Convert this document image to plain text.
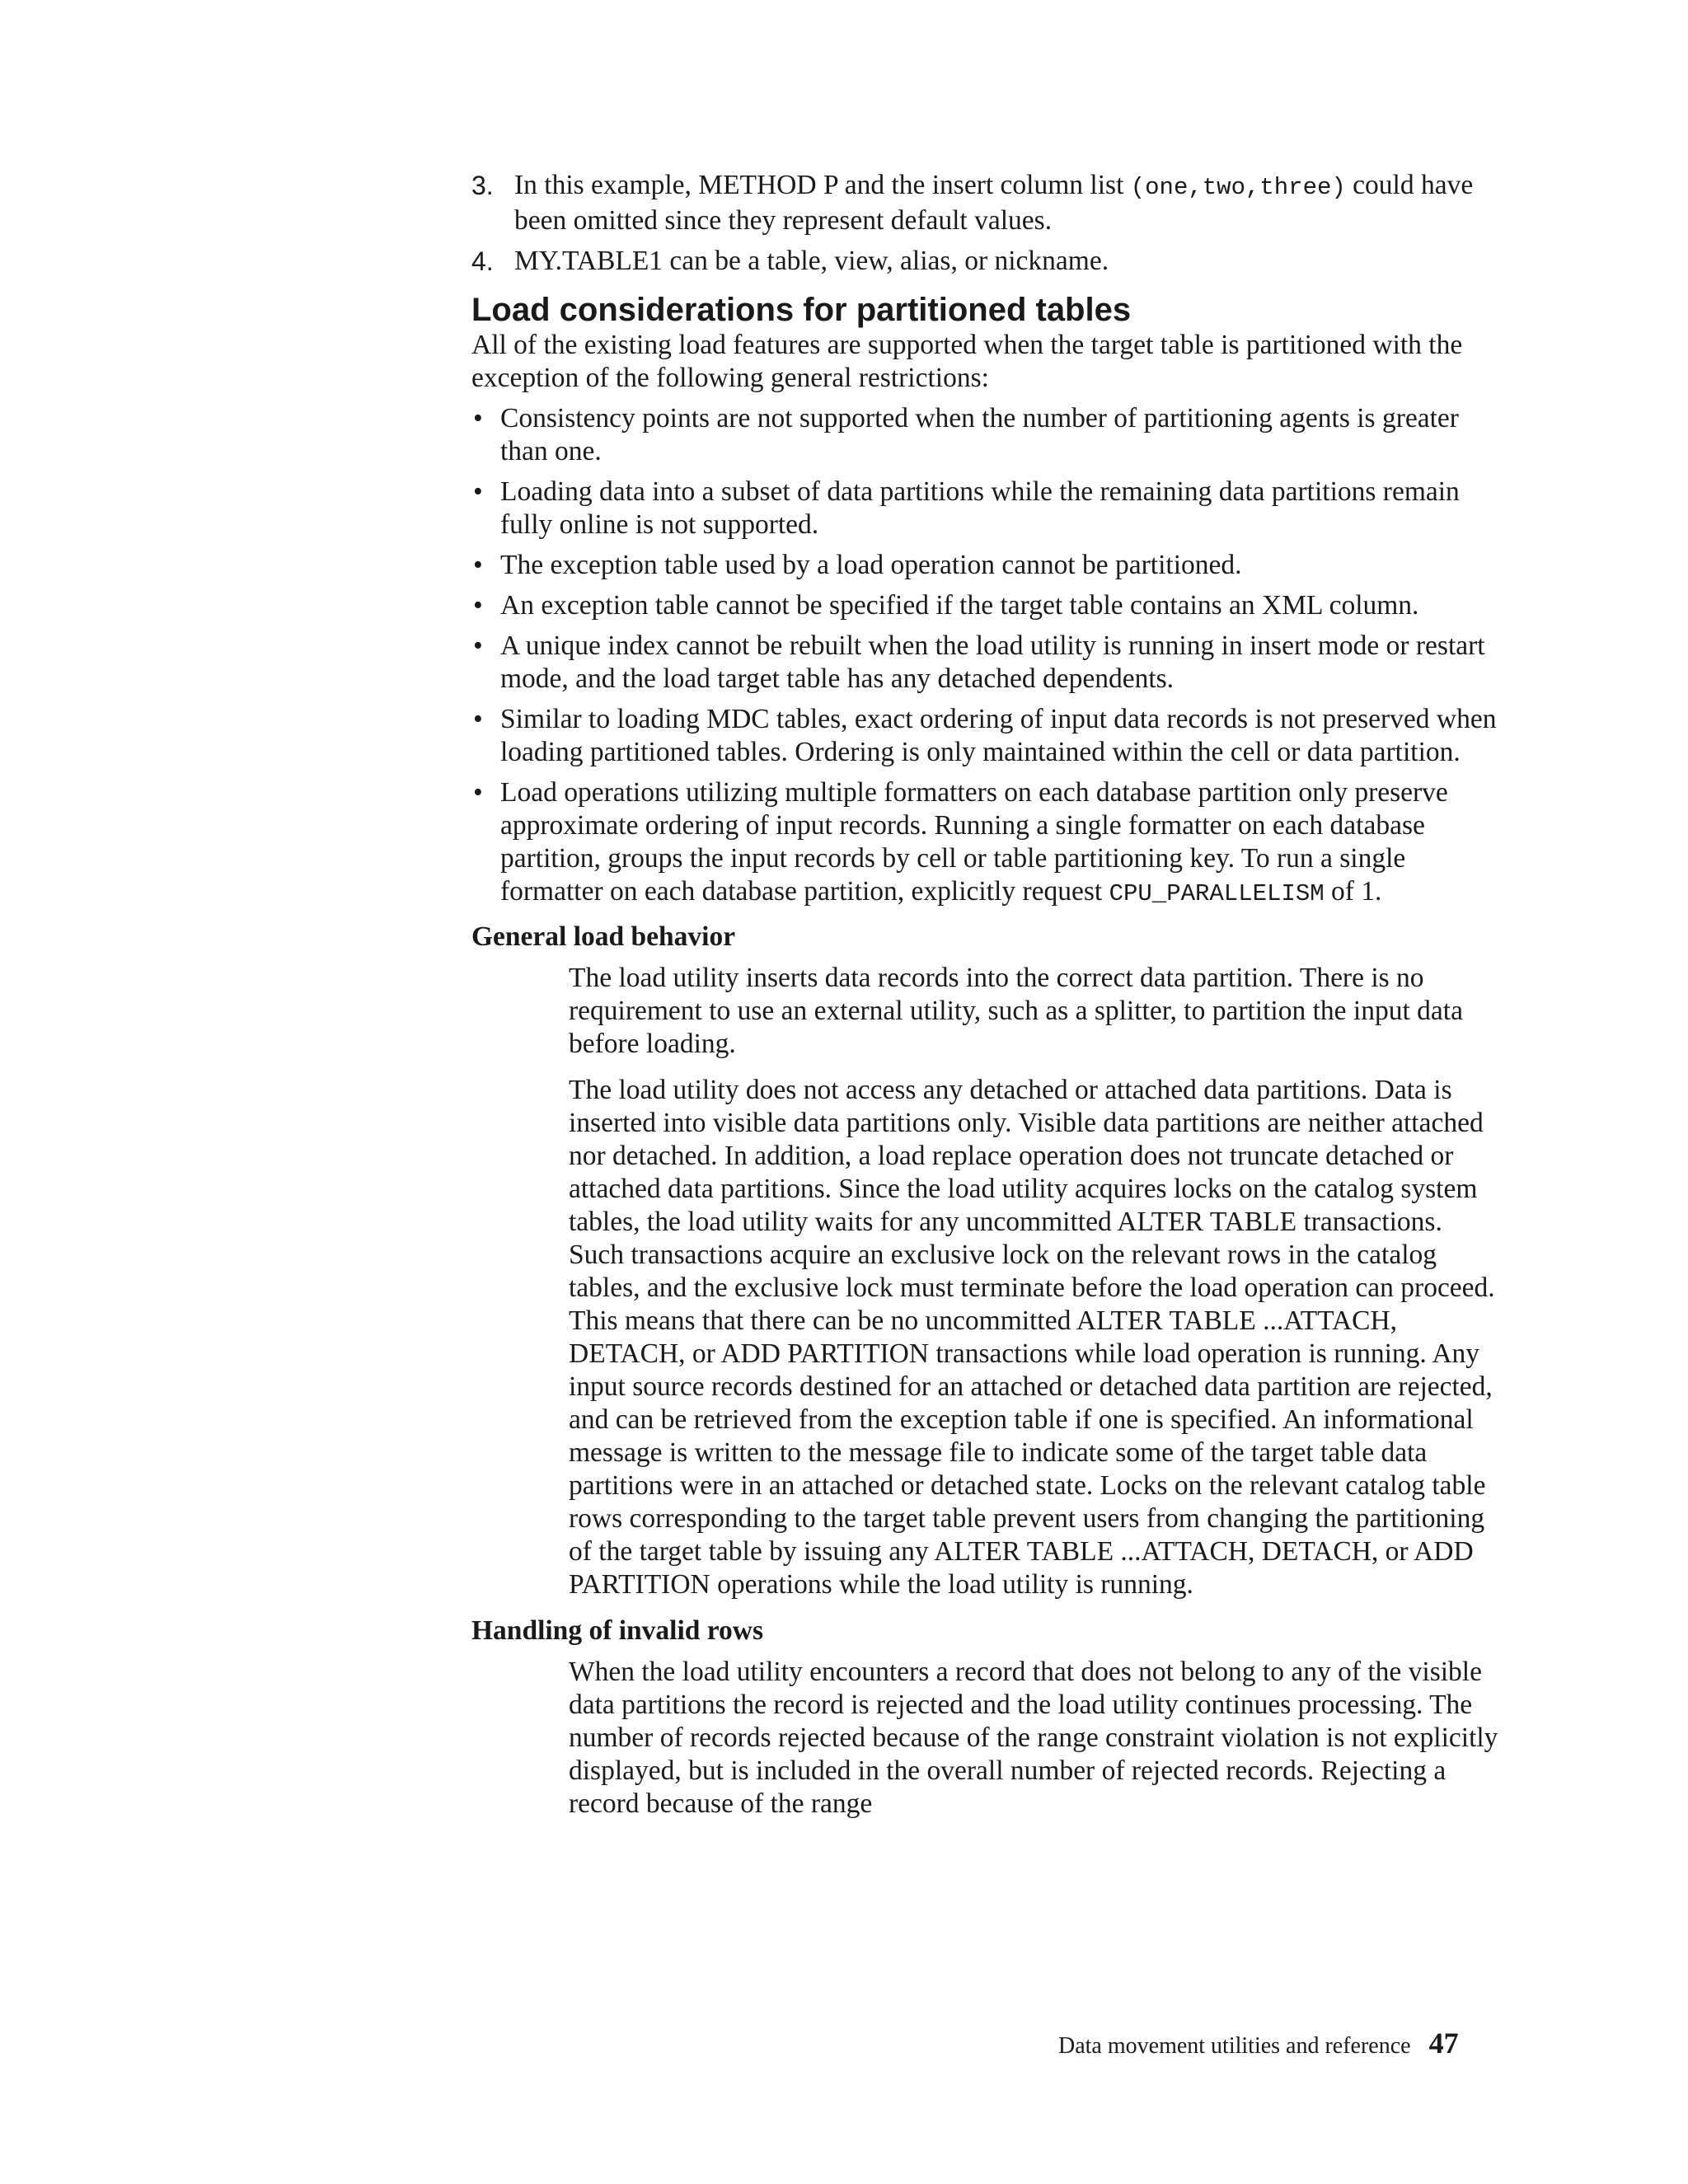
3. In this example, METHOD P and the insert column list (one,two,three) could have been omitted since they represent default values.
4. MY.TABLE1 can be a table, view, alias, or nickname.
Load considerations for partitioned tables

All of the existing load features are supported when the target table is partitioned with the exception of the following general restrictions:

• Consistency points are not supported when the number of partitioning agents is greater than one.
• Loading data into a subset of data partitions while the remaining data partitions remain fully online is not supported.
• The exception table used by a load operation cannot be partitioned.
• An exception table cannot be specified if the target table contains an XML column.
• A unique index cannot be rebuilt when the load utility is running in insert mode or restart mode, and the load target table has any detached dependents.
• Similar to loading MDC tables, exact ordering of input data records is not preserved when loading partitioned tables. Ordering is only maintained within the cell or data partition.
• Load operations utilizing multiple formatters on each database partition only preserve approximate ordering of input records. Running a single formatter on each database partition, groups the input records by cell or table partitioning key. To run a single formatter on each database partition, explicitly request CPU_PARALLELISM of 1.
General load behavior

The load utility inserts data records into the correct data partition. There is no requirement to use an external utility, such as a splitter, to partition the input data before loading.

The load utility does not access any detached or attached data partitions. Data is inserted into visible data partitions only. Visible data partitions are neither attached nor detached. In addition, a load replace operation does not truncate detached or attached data partitions. Since the load utility acquires locks on the catalog system tables, the load utility waits for any uncommitted ALTER TABLE transactions. Such transactions acquire an exclusive lock on the relevant rows in the catalog tables, and the exclusive lock must terminate before the load operation can proceed. This means that there can be no uncommitted ALTER TABLE ...ATTACH, DETACH, or ADD PARTITION transactions while load operation is running. Any input source records destined for an attached or detached data partition are rejected, and can be retrieved from the exception table if one is specified. An informational message is written to the message file to indicate some of the target table data partitions were in an attached or detached state. Locks on the relevant catalog table rows corresponding to the target table prevent users from changing the partitioning of the target table by issuing any ALTER TABLE ...ATTACH, DETACH, or ADD PARTITION operations while the load utility is running.

Handling of invalid rows

When the load utility encounters a record that does not belong to any of the visible data partitions the record is rejected and the load utility continues processing. The number of records rejected because of the range constraint violation is not explicitly displayed, but is included in the overall number of rejected records. Rejecting a record because of the range

Data movement utilities and reference 47
